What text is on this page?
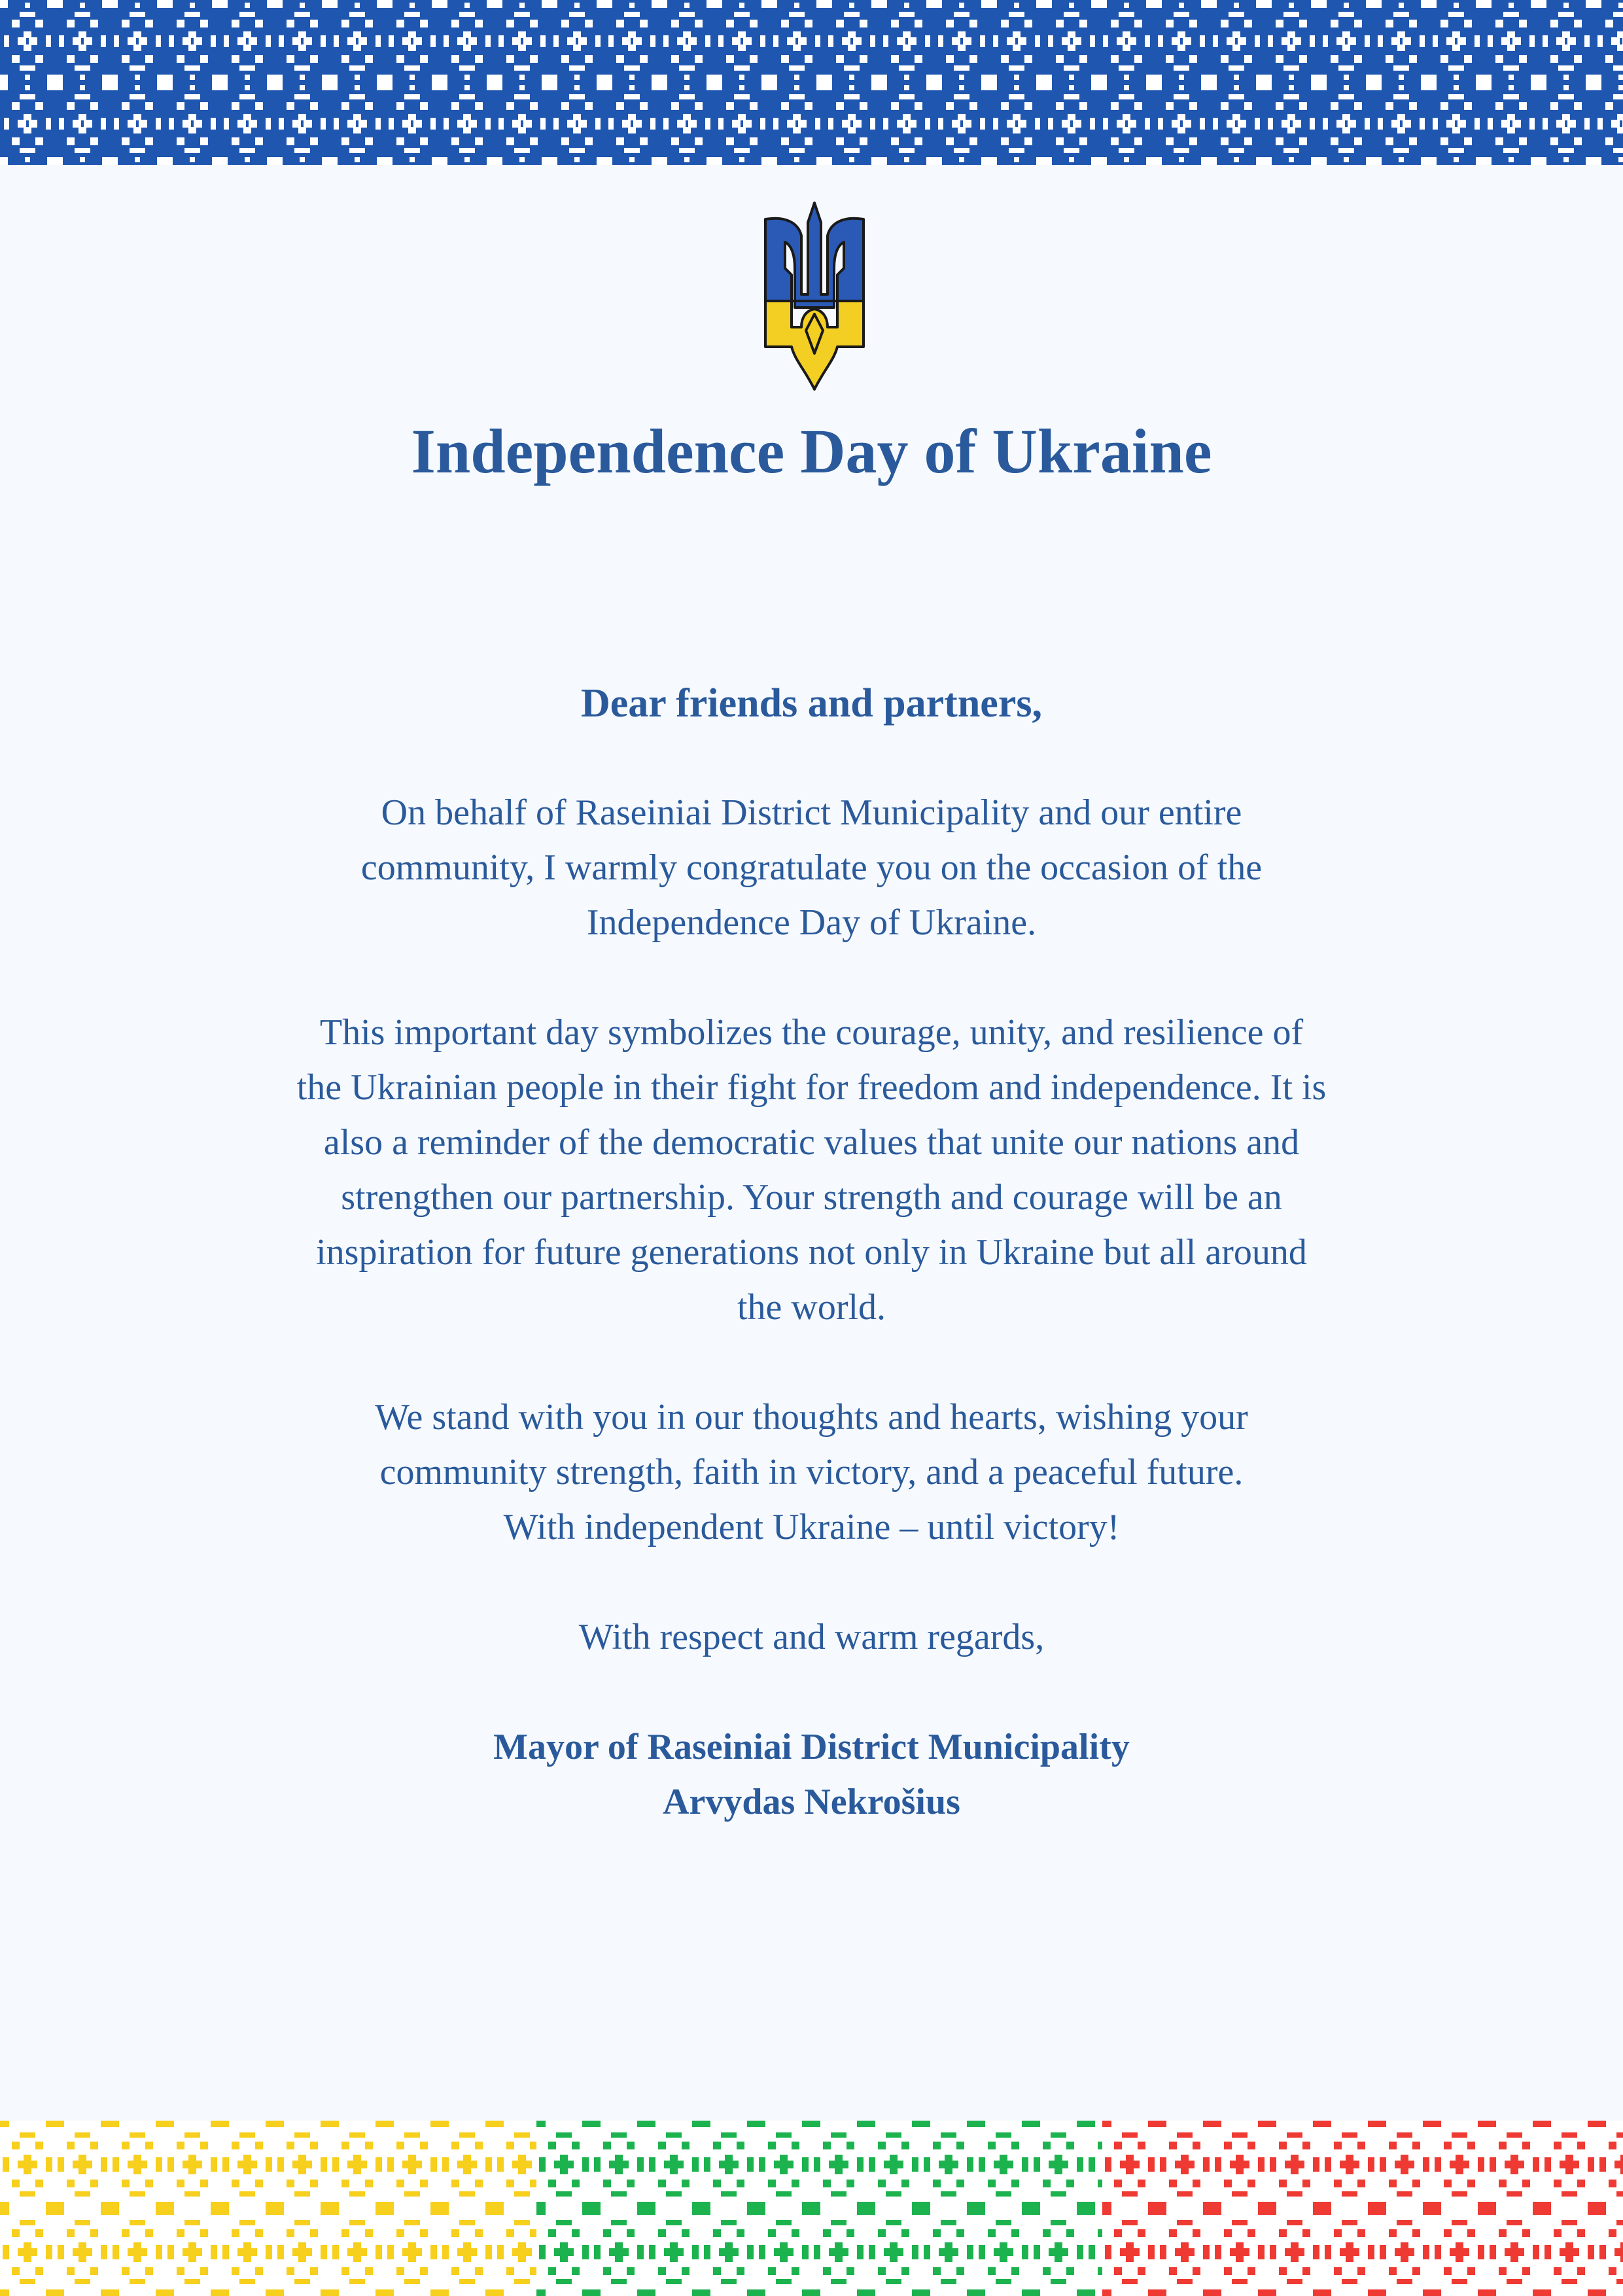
Independence Day of Ukraine

Dear friends and partners,

On behalf of Raseiniai District Municipality and our entire
community, I warmly congratulate you on the occasion of the
Independence Day of Ukraine.
This important day symbolizes the courage, unity, and resilience of
the Ukrainian people in their fight for freedom and independence. It is
also a reminder of the democratic values that unite our nations and
strengthen our partnership. Your strength and courage will be an
inspiration for future generations not only in Ukraine but all around
the world.
We stand with you in our thoughts and hearts, wishing your
community strength, faith in victory, and a peaceful future.
With independent Ukraine – until victory!

With respect and warm regards,

Mayor of Raseiniai District Municipality

Arvydas Nekrošius
